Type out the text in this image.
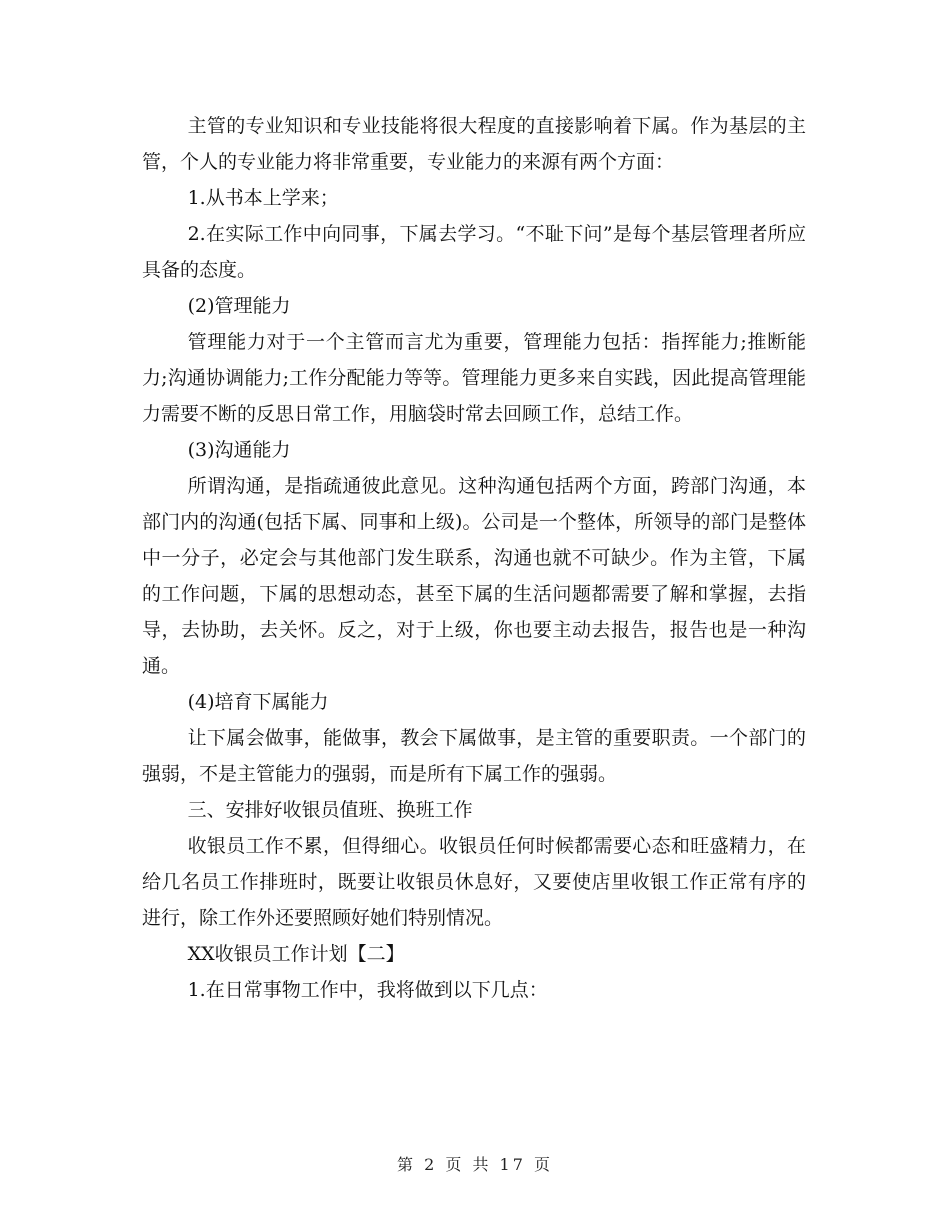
主管的专业知识和专业技能将很大程度的直接影响着下属。作为基层的主管，个人的专业能力将非常重要，专业能力的来源有两个方面：

1.从书本上学来；

2.在实际工作中向同事，下属去学习。“不耻下问”是每个基层管理者所应具备的态度。

(2)管理能力

管理能力对于一个主管而言尤为重要，管理能力包括：指挥能力;推断能力;沟通协调能力;工作分配能力等等。管理能力更多来自实践，因此提高管理能力需要不断的反思日常工作，用脑袋时常去回顾工作，总结工作。

(3)沟通能力

所谓沟通，是指疏通彼此意见。这种沟通包括两个方面，跨部门沟通，本部门内的沟通(包括下属、同事和上级)。公司是一个整体，所领导的部门是整体中一分子，必定会与其他部门发生联系，沟通也就不可缺少。作为主管，下属的工作问题，下属的思想动态，甚至下属的生活问题都需要了解和掌握，去指导，去协助，去关怀。反之，对于上级，你也要主动去报告，报告也是一种沟通。

(4)培育下属能力

让下属会做事，能做事，教会下属做事，是主管的重要职责。一个部门的强弱，不是主管能力的强弱，而是所有下属工作的强弱。

三、安排好收银员值班、换班工作

收银员工作不累，但得细心。收银员任何时候都需要心态和旺盛精力，在给几名员工作排班时，既要让收银员休息好，又要使店里收银工作正常有序的进行，除工作外还要照顾好她们特别情况。

XX收银员工作计划【二】

1.在日常事物工作中，我将做到以下几点：

第 2 页 共 17 页
